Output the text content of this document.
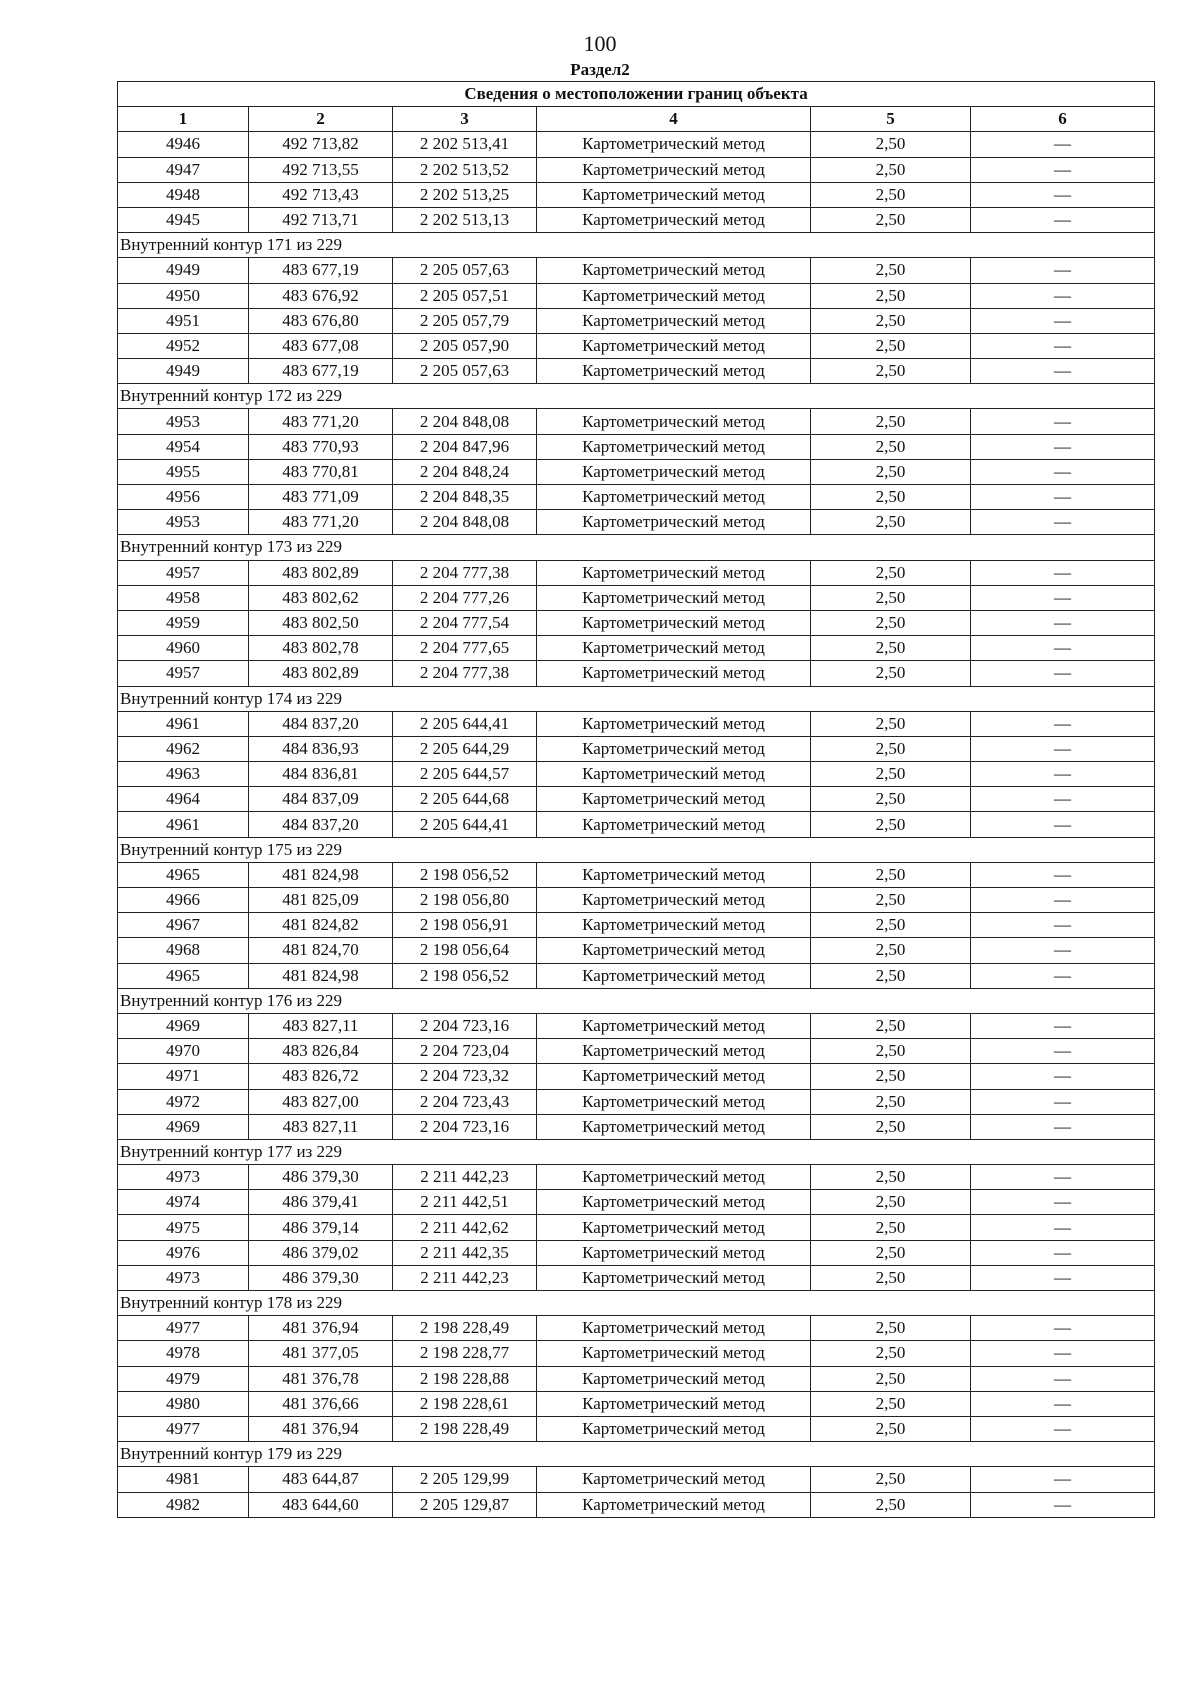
100
Раздел2
Сведения о местоположении границ объекта					
1	2	3	4	5	6
4946	492 713,82	2 202 513,41	Картометрический метод	2,50	—
4947	492 713,55	2 202 513,52	Картометрический метод	2,50	—
4948	492 713,43	2 202 513,25	Картометрический метод	2,50	—
4945	492 713,71	2 202 513,13	Картометрический метод	2,50	—
Внутренний контур 171 из 229					
4949	483 677,19	2 205 057,63	Картометрический метод	2,50	—
4950	483 676,92	2 205 057,51	Картометрический метод	2,50	—
4951	483 676,80	2 205 057,79	Картометрический метод	2,50	—
4952	483 677,08	2 205 057,90	Картометрический метод	2,50	—
4949	483 677,19	2 205 057,63	Картометрический метод	2,50	—
Внутренний контур 172 из 229					
4953	483 771,20	2 204 848,08	Картометрический метод	2,50	—
4954	483 770,93	2 204 847,96	Картометрический метод	2,50	—
4955	483 770,81	2 204 848,24	Картометрический метод	2,50	—
4956	483 771,09	2 204 848,35	Картометрический метод	2,50	—
4953	483 771,20	2 204 848,08	Картометрический метод	2,50	—
Внутренний контур 173 из 229					
4957	483 802,89	2 204 777,38	Картометрический метод	2,50	—
4958	483 802,62	2 204 777,26	Картометрический метод	2,50	—
4959	483 802,50	2 204 777,54	Картометрический метод	2,50	—
4960	483 802,78	2 204 777,65	Картометрический метод	2,50	—
4957	483 802,89	2 204 777,38	Картометрический метод	2,50	—
Внутренний контур 174 из 229					
4961	484 837,20	2 205 644,41	Картометрический метод	2,50	—
4962	484 836,93	2 205 644,29	Картометрический метод	2,50	—
4963	484 836,81	2 205 644,57	Картометрический метод	2,50	—
4964	484 837,09	2 205 644,68	Картометрический метод	2,50	—
4961	484 837,20	2 205 644,41	Картометрический метод	2,50	—
Внутренний контур 175 из 229					
4965	481 824,98	2 198 056,52	Картометрический метод	2,50	—
4966	481 825,09	2 198 056,80	Картометрический метод	2,50	—
4967	481 824,82	2 198 056,91	Картометрический метод	2,50	—
4968	481 824,70	2 198 056,64	Картометрический метод	2,50	—
4965	481 824,98	2 198 056,52	Картометрический метод	2,50	—
Внутренний контур 176 из 229					
4969	483 827,11	2 204 723,16	Картометрический метод	2,50	—
4970	483 826,84	2 204 723,04	Картометрический метод	2,50	—
4971	483 826,72	2 204 723,32	Картометрический метод	2,50	—
4972	483 827,00	2 204 723,43	Картометрический метод	2,50	—
4969	483 827,11	2 204 723,16	Картометрический метод	2,50	—
Внутренний контур 177 из 229					
4973	486 379,30	2 211 442,23	Картометрический метод	2,50	—
4974	486 379,41	2 211 442,51	Картометрический метод	2,50	—
4975	486 379,14	2 211 442,62	Картометрический метод	2,50	—
4976	486 379,02	2 211 442,35	Картометрический метод	2,50	—
4973	486 379,30	2 211 442,23	Картометрический метод	2,50	—
Внутренний контур 178 из 229					
4977	481 376,94	2 198 228,49	Картометрический метод	2,50	—
4978	481 377,05	2 198 228,77	Картометрический метод	2,50	—
4979	481 376,78	2 198 228,88	Картометрический метод	2,50	—
4980	481 376,66	2 198 228,61	Картометрический метод	2,50	—
4977	481 376,94	2 198 228,49	Картометрический метод	2,50	—
Внутренний контур 179 из 229					
4981	483 644,87	2 205 129,99	Картометрический метод	2,50	—
4982	483 644,60	2 205 129,87	Картометрический метод	2,50	—
